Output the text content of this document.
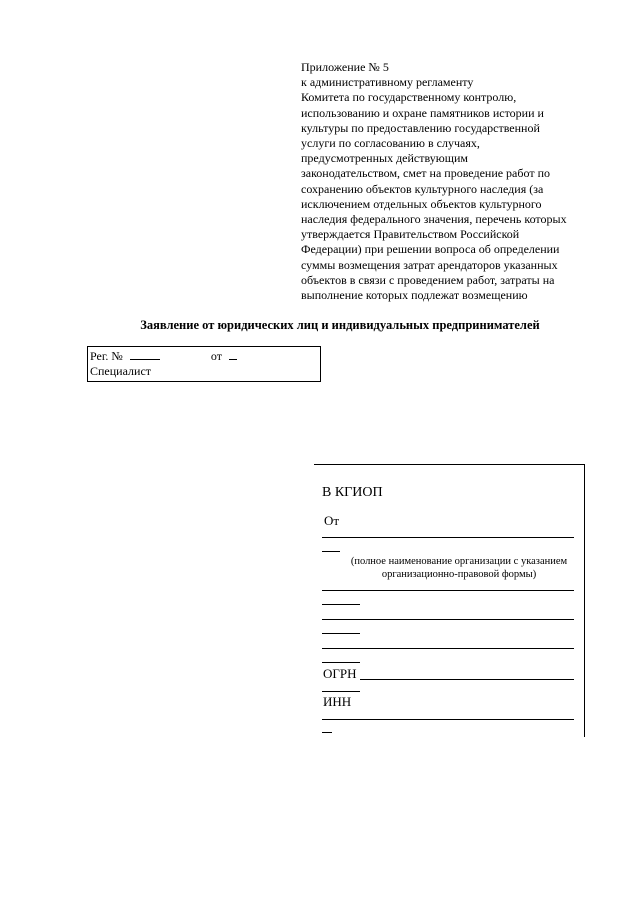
Приложение № 5
к административному регламенту
Комитета по государственному контролю,
использованию и охране памятников истории и
культуры по предоставлению государственной
услуги по согласованию в случаях,
предусмотренных действующим
законодательством, смет на проведение работ по
сохранению объектов культурного наследия (за
исключением отдельных объектов культурного
наследия федерального значения, перечень которых
утверждается Правительством Российской
Федерации) при решении вопроса об определении
суммы возмещения затрат арендаторов указанных
объектов в связи с проведением работ, затраты на
выполнение которых подлежат возмещению
Заявление от юридических лиц и индивидуальных предпринимателей
Рег. №	от
Специалист
В КГИОП
От
(полное наименование организации с указанием
организационно-правовой формы)
ОГРН
ИНН
